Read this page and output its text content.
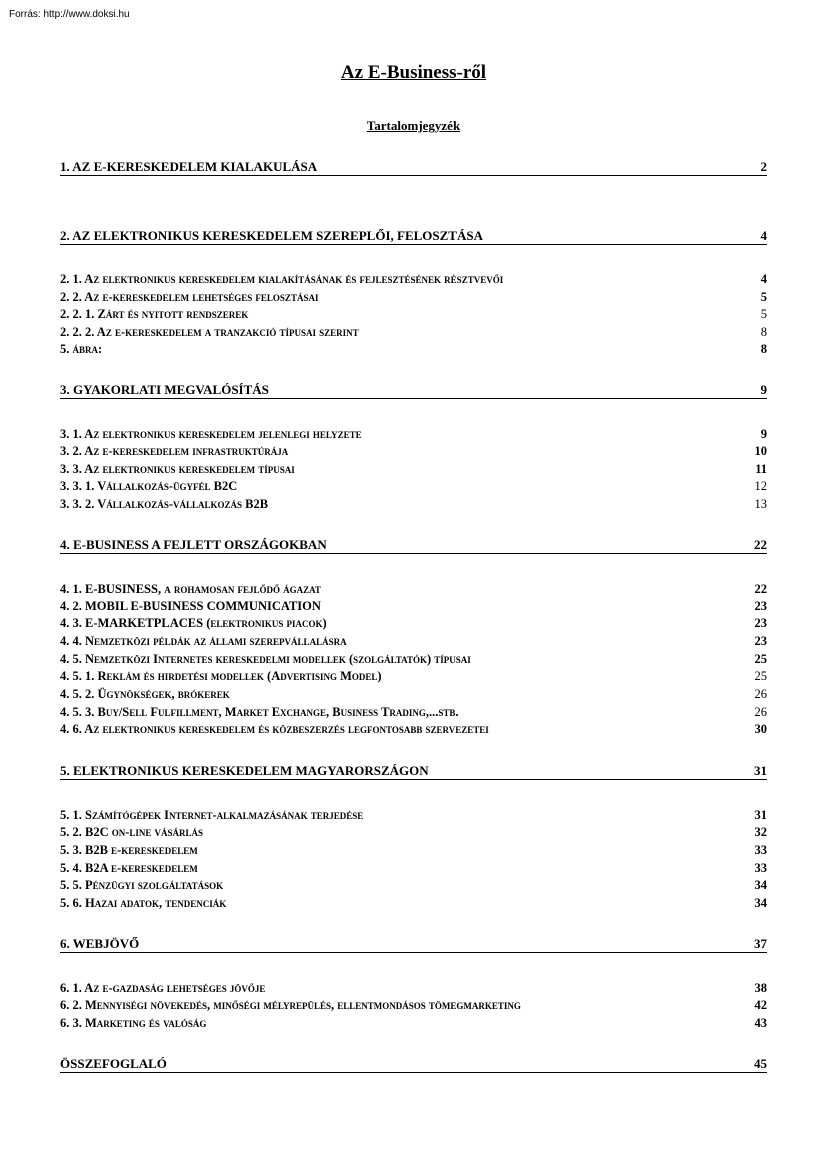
Forrás: http://www.doksi.hu
Az E-Business-ről
Tartalomjegyzék
1. AZ E-KERESKEDELEM KIALAKULÁSA	2
2. AZ ELEKTRONIKUS KERESKEDELEM SZEREPLŐI, FELOSZTÁSA	4
2. 1. Az elektronikus kereskedelem kialakításának és fejlesztésének résztvevői	4
2. 2. Az e-kereskedelem lehetséges felosztásai	5
2. 2. 1. Zárt és nyitott rendszerek	5
2. 2. 2. Az e-kereskedelem a tranzakció típusai szerint	8
5. ábra:	8
3. GYAKORLATI MEGVALÓSÍTÁS	9
3. 1. Az elektronikus kereskedelem jelenlegi helyzete	9
3. 2. Az e-kereskedelem infrastruktúrája	10
3. 3. Az elektronikus kereskedelem típusai	11
3. 3. 1. Vállalkozás-ügyfél B2C	12
3. 3. 2. Vállalkozás-vállalkozás B2B	13
4. E-BUSINESS A FEJLETT ORSZÁGOKBAN	22
4. 1. E-BUSINESS, a rohamosan fejlődő ágazat	22
4. 2. MOBIL E-BUSINESS COMMUNICATION	23
4. 3. E-MARKETPLACES (elektronikus piacok)	23
4. 4. Nemzetközi példák az állami szerepvállalásra	23
4. 5. Nemzetközi Internetes kereskedelmi modellek (szolgáltatók) típusai	25
4. 5. 1. Reklám és hirdetési modellek (Advertising Model)	25
4. 5. 2. Ügynökségek, brókerek	26
4. 5. 3. Buy/Sell Fulfillment, Market Exchange, Business Trading,...stb.	26
4. 6. Az elektronikus kereskedelem és közbeszerzés legfontosabb szervezetei	30
5. ELEKTRONIKUS KERESKEDELEM MAGYARORSZÁGON	31
5. 1. Számítógépek Internet-alkalmazásának terjedése	31
5. 2. B2C on-line vásárlás	32
5. 3. B2B e-kereskedelem	33
5. 4. B2A e-kereskedelem	33
5. 5. Pénzügyi szolgáltatások	34
5. 6. Hazai adatok, tendenciák	34
6. WEBJÖVŐ	37
6. 1. Az e-gazdaság lehetséges jövője	38
6. 2. Mennyiségi növekedés, minőségi mélyrepülés, ellentmondásos tömegmarketing	42
6. 3. Marketing és valóság	43
ÖSSZEFOGLALÓ	45
